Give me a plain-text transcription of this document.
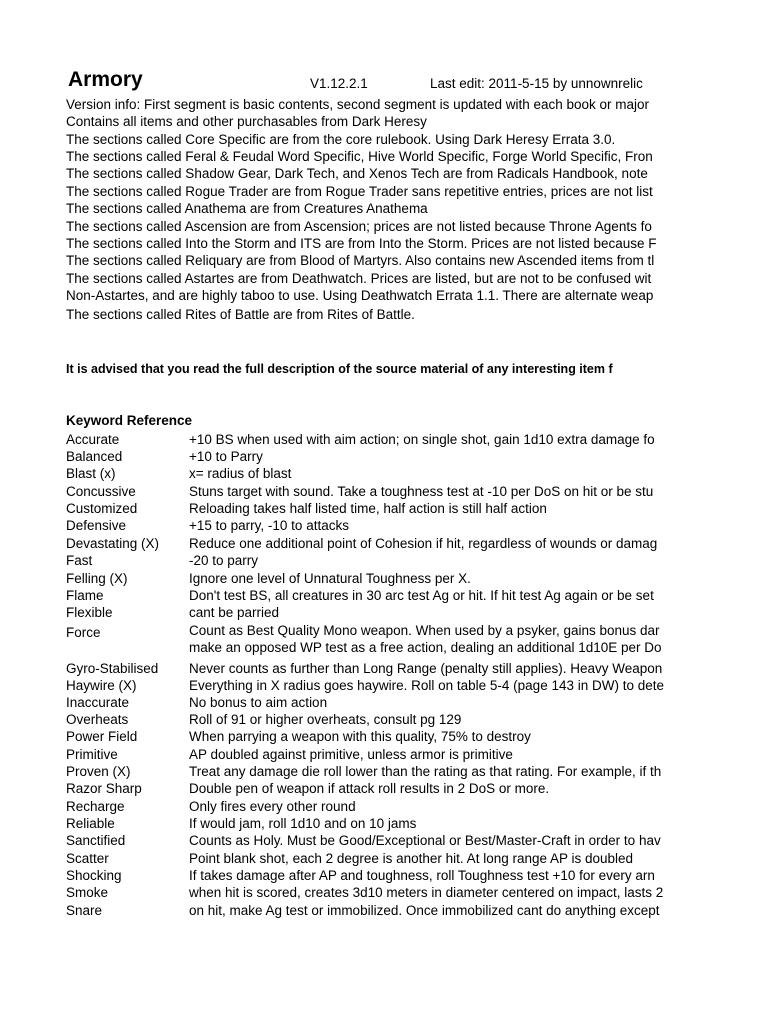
Armory	V1.12.2.1	Last edit: 2011-5-15 by unnownrelic
Version info: First segment is basic contents, second segment is updated with each book or major
Contains all items and other purchasables from Dark Heresy
The sections called Core Specific are from the core rulebook. Using Dark Heresy Errata 3.0.
The sections called Feral & Feudal Word Specific, Hive World Specific, Forge World Specific, Fron
The sections called Shadow Gear, Dark Tech, and Xenos Tech are from Radicals Handbook, note
The sections called Rogue Trader are from Rogue Trader sans repetitive entries, prices are not list
The sections called Anathema are from Creatures Anathema
The sections called Ascension are from Ascension; prices are not listed because Throne Agents fo
The sections called Into the Storm and ITS are from Into the Storm. Prices are not listed because F
The sections called Reliquary are from Blood of Martyrs. Also contains new Ascended items from tl
The sections called Astartes are from Deathwatch. Prices are listed, but are not to be confused wit
Non-Astartes, and are highly taboo to use. Using Deathwatch Errata 1.1. There are alternate weap
The sections called Rites of Battle are from Rites of Battle.
It is advised that you read the full description of the source material of any interesting item f
Keyword Reference
Accurate	+10 BS when used with aim action; on single shot, gain 1d10 extra damage fo
Balanced	+10 to Parry
Blast (x)	x= radius of blast
Concussive	Stuns target with sound. Take a toughness test at -10 per DoS on hit or be stu
Customized	Reloading takes half listed time, half action is still half action
Defensive	+15 to parry, -10 to attacks
Devastating (X) Reduce one additional point of Cohesion if hit, regardless of wounds or damag
Fast	-20 to parry
Felling (X)	Ignore one level of Unnatural Toughness per X.
Flame	Don't test BS, all creatures in 30 arc test Ag or hit. If hit test Ag again or be set
Flexible	cant be parried
Force	Count as Best Quality Mono weapon. When used by a psyker, gains bonus dar
make an opposed WP test as a free action, dealing an additional 1d10E per Do
Gyro-Stabilised Never counts as further than Long Range (penalty still applies). Heavy Weapon
Haywire (X)	Everything in X radius goes haywire. Roll on table 5-4 (page 143 in DW) to dete
Inaccurate	No bonus to aim action
Overheats	Roll of 91 or higher overheats, consult pg 129
Power Field	When parrying a weapon with this quality, 75% to destroy
Primitive	AP doubled against primitive, unless armor is primitive
Proven (X)	Treat any damage die roll lower than the rating as that rating. For example, if th
Razor Sharp	Double pen of weapon if attack roll results in 2 DoS or more.
Recharge	Only fires every other round
Reliable	If would jam, roll 1d10 and on 10 jams
Sanctified	Counts as Holy. Must be Good/Exceptional or Best/Master-Craft in order to hav
Scatter	Point blank shot, each 2 degree is another hit. At long range AP is doubled
Shocking	If takes damage after AP and toughness, roll Toughness test +10 for every arn
Smoke	when hit is scored, creates 3d10 meters in diameter centered on impact, lasts 2
Snare	on hit, make Ag test or immobilized. Once immobilized cant do anything except
